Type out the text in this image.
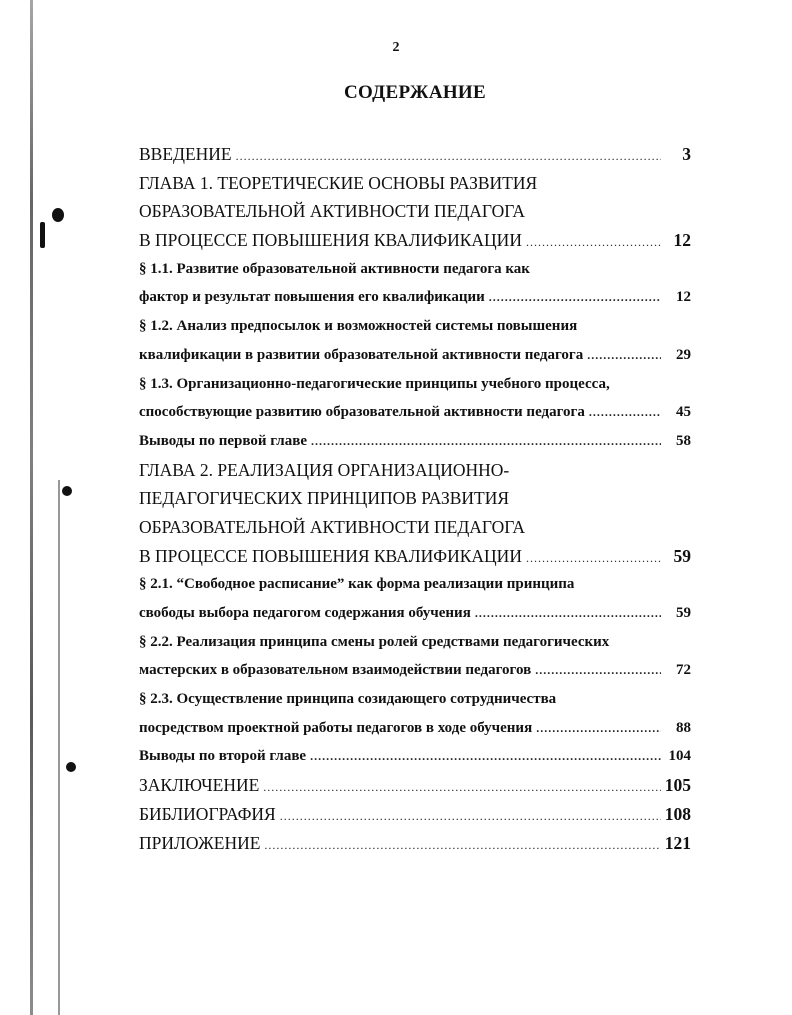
2
СОДЕРЖАНИЕ
ВВЕДЕНИЕ .....	3
ГЛАВА 1. ТЕОРЕТИЧЕСКИЕ ОСНОВЫ РАЗВИТИЯ
ОБРАЗОВАТЕЛЬНОЙ АКТИВНОСТИ ПЕДАГОГА
В ПРОЦЕССЕ ПОВЫШЕНИЯ КВАЛИФИКАЦИИ .....	12
§ 1.1. Развитие образовательной активности педагога как
фактор и результат повышения его квалификации .....	12
§ 1.2. Анализ предпосылок и возможностей системы повышения
квалификации в развитии образовательной активности педагога .....	29
§ 1.3. Организационно-педагогические принципы учебного процесса,
способствующие развитию образовательной активности педагога .....	45
Выводы по первой главе .....	58
ГЛАВА 2. РЕАЛИЗАЦИЯ ОРГАНИЗАЦИОННО-
ПЕДАГОГИЧЕСКИХ ПРИНЦИПОВ РАЗВИТИЯ
ОБРАЗОВАТЕЛЬНОЙ АКТИВНОСТИ ПЕДАГОГА
В ПРОЦЕССЕ ПОВЫШЕНИЯ КВАЛИФИКАЦИИ .....	59
§ 2.1. “Свободное расписание” как форма реализации принципа
свободы выбора педагогом содержания обучения .....	59
§ 2.2. Реализация принципа смены ролей средствами педагогических
мастерских в образовательном взаимодействии педагогов .....	72
§ 2.3. Осуществление принципа созидающего сотрудничества
посредством проектной работы педагогов в ходе обучения .....	88
Выводы по второй главе .....	104
ЗАКЛЮЧЕНИЕ .....	105
БИБЛИОГРАФИЯ .....	108
ПРИЛОЖЕНИЕ .....	121
